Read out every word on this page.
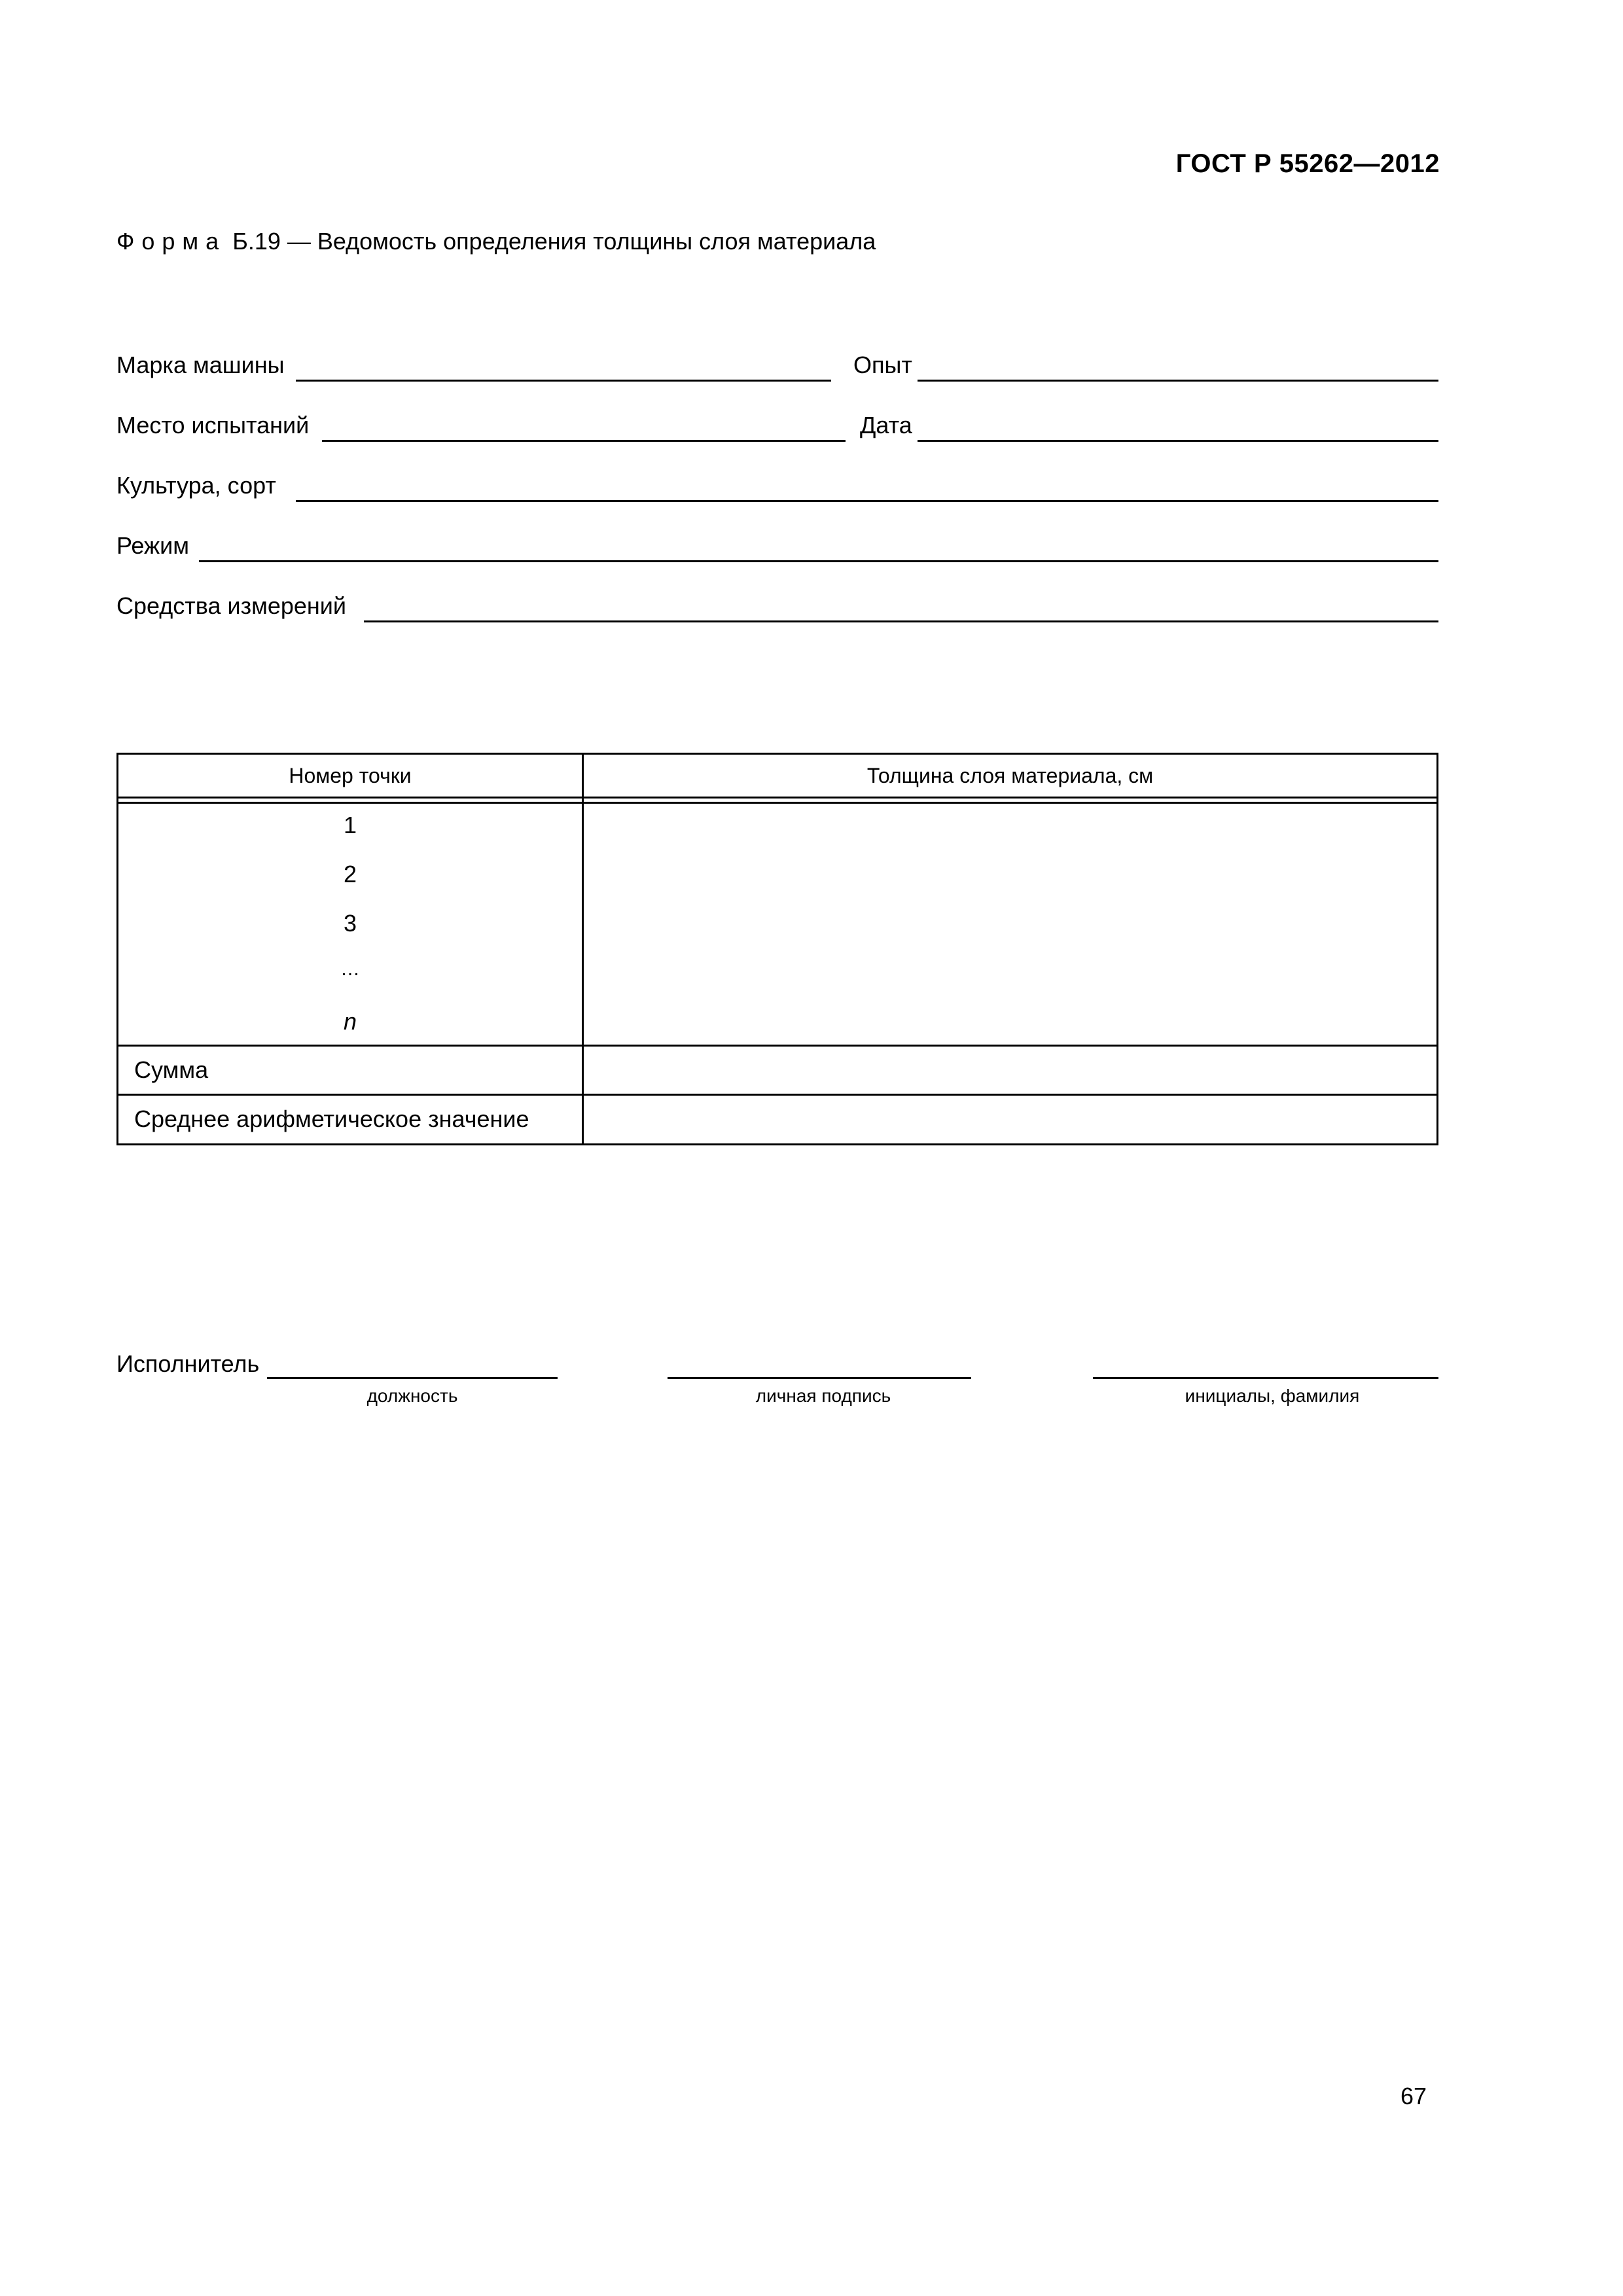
ГОСТ Р 55262—2012
Форма Б.19 — Ведомость определения толщины слоя материала
Марка машины	Опыт
Место испытаний	Дата
Культура, сорт
Режим
Средства измерений
Номер точки	Толщина слоя материала, см
1
2
3
…
n
Сумма
Среднее арифметическое значение
Исполнитель
должность	личная подпись	инициалы, фамилия
67
